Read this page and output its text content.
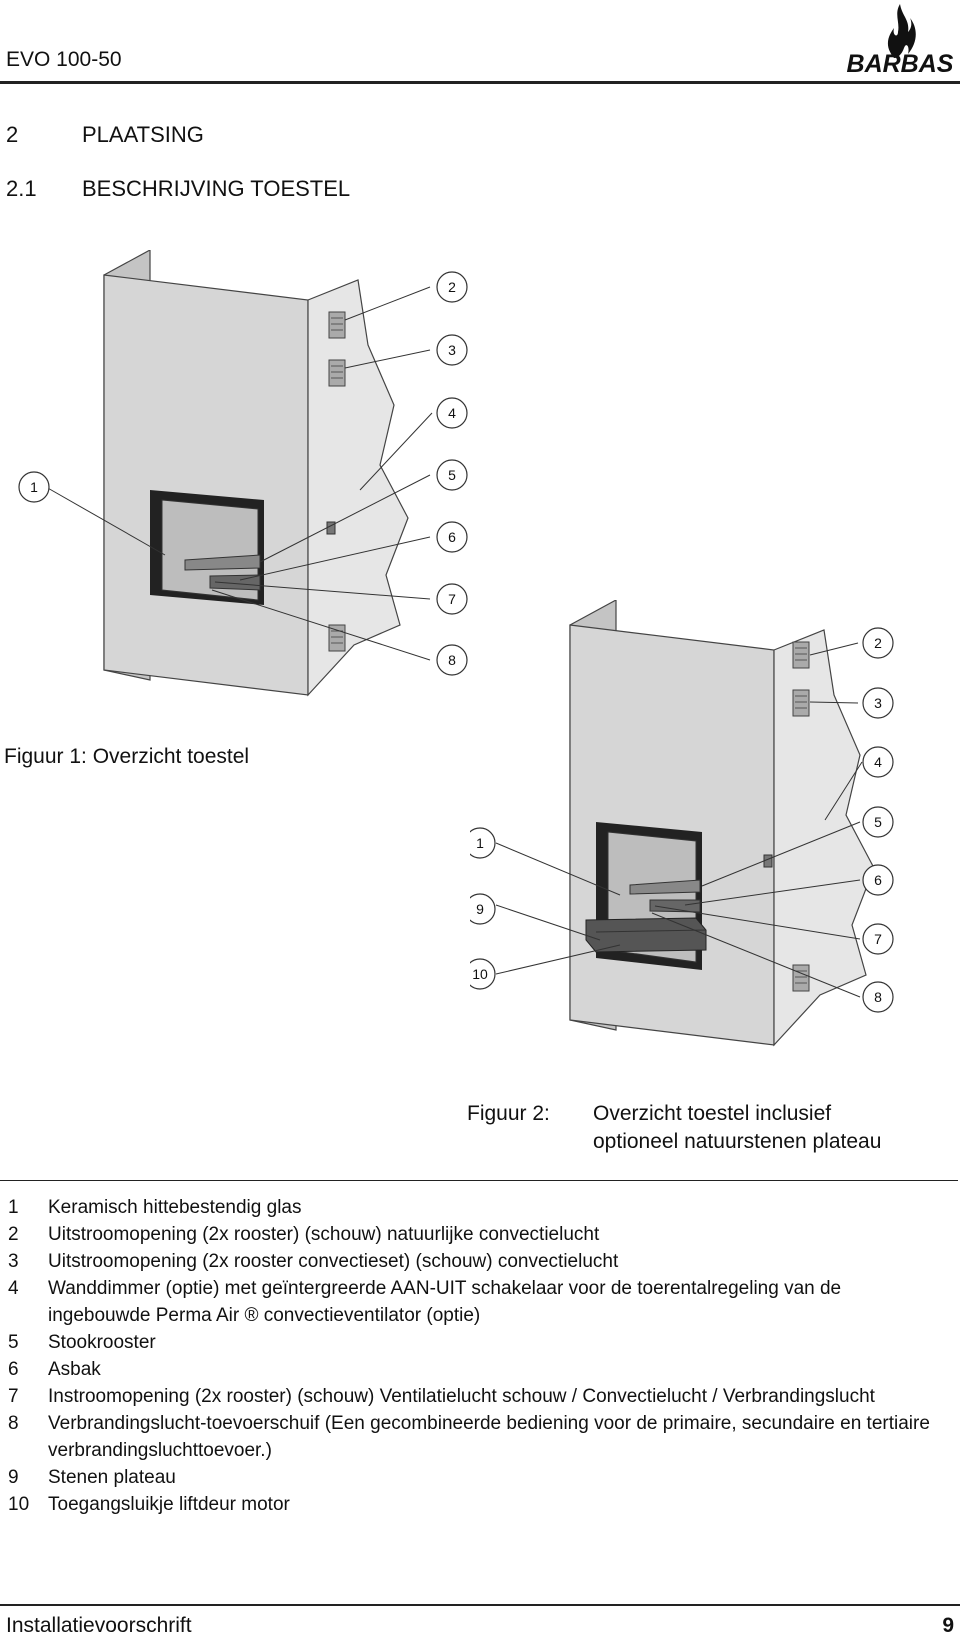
EVO 100-50	BARBAS
2	PLAATSING
2.1 BESCHRIJVING TOESTEL
1
2
3
4
5
6
7
8
Figuur 1: Overzicht toestel
1
9
10
2
3
4
5
6
7
8
Figuur 2: Overzicht toestel inclusief
optioneel natuurstenen plateau
1	Keramisch hittebestendig glas
2	Uitstroomopening (2x rooster) (schouw) natuurlijke convectielucht
3	Uitstroomopening (2x rooster convectieset) (schouw) convectielucht
4	Wanddimmer (optie) met geïntergreerde AAN-UIT schakelaar voor de toerentalregeling van de ingebouwde Perma Air ® convectieventilator (optie)
5	Stookrooster
6	Asbak
7	Instroomopening (2x rooster) (schouw) Ventilatielucht schouw / Convectielucht / Verbrandingslucht
8	Verbrandingslucht-toevoerschuif (Een gecombineerde bediening voor de primaire, secundaire en tertiaire verbrandingsluchttoevoer.)
9	Stenen plateau
10 Toegangsluikje liftdeur motor
Installatievoorschrift	9
